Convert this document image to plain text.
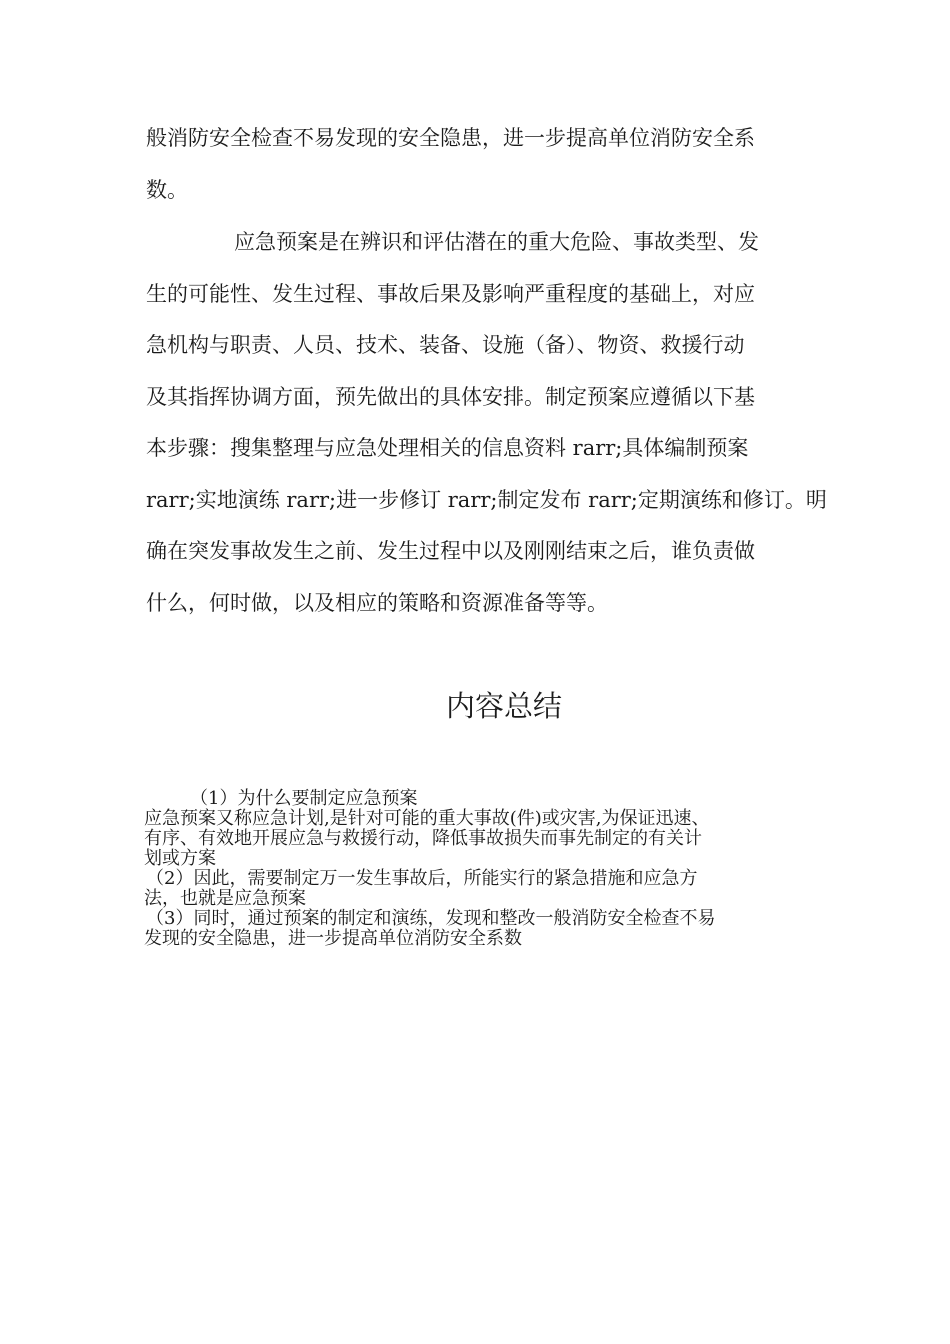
般消防安全检查不易发现的安全隐患，进一步提高单位消防安全系

数。

应急预案是在辨识和评估潜在的重大危险、事故类型、发

生的可能性、发生过程、事故后果及影响严重程度的基础上，对应

急机构与职责、人员、技术、装备、设施（备）、物资、救援行动

及其指挥协调方面，预先做出的具体安排。制定预案应遵循以下基

本步骤：搜集整理与应急处理相关的信息资料 rarr;具体编制预案

rarr;实地演练 rarr;进一步修订 rarr;制定发布 rarr;定期演练和修订。明

确在突发事故发生之前、发生过程中以及刚刚结束之后，谁负责做

什么，何时做，以及相应的策略和资源准备等等。

内容总结

（1）为什么要制定应急预案

应急预案又称应急计划,是针对可能的重大事故(件)或灾害,为保证迅速、

有序、有效地开展应急与救援行动，降低事故损失而事先制定的有关计

划或方案

（2）因此，需要制定万一发生事故后，所能实行的紧急措施和应急方

法，也就是应急预案

（3）同时，通过预案的制定和演练，发现和整改一般消防安全检查不易

发现的安全隐患，进一步提高单位消防安全系数
